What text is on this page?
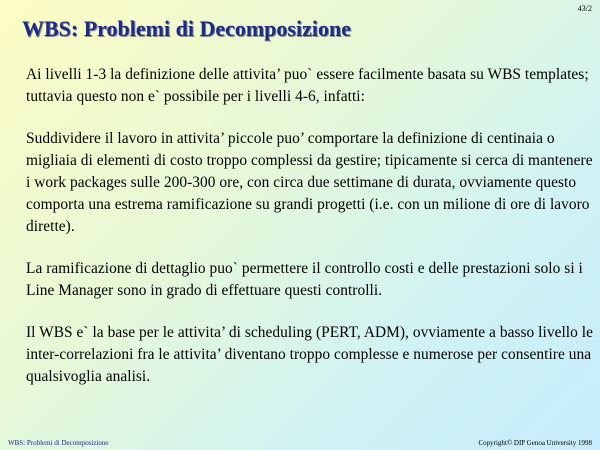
43/2
WBS: Problemi di Decomposizione

Ai livelli 1-3 la definizione delle attivita’ puo` essere facilmente basata su WBS templates; tuttavia questo non e` possibile per i livelli 4-6, infatti:

Suddividere il lavoro in attivita’ piccole puo’ comportare la definizione di centinaia o migliaia di elementi di costo troppo complessi da gestire; tipicamente si cerca di mantenere i work packages sulle 200-300 ore, con circa due settimane di durata, ovviamente questo comporta una estrema ramificazione su grandi progetti (i.e. con un milione di ore di lavoro dirette).

La ramificazione di dettaglio puo` permettere il controllo costi e delle prestazioni solo si i Line Manager sono in grado di effettuare questi controlli.

Il WBS e` la base per le attivita’ di scheduling (PERT, ADM), ovviamente a basso livello le inter-correlazioni fra le attivita’ diventano troppo complesse e numerose per consentire una qualsivoglia analisi.

WBS: Problemi di Decomposizione	Copyright© DIP Genoa University 1998
